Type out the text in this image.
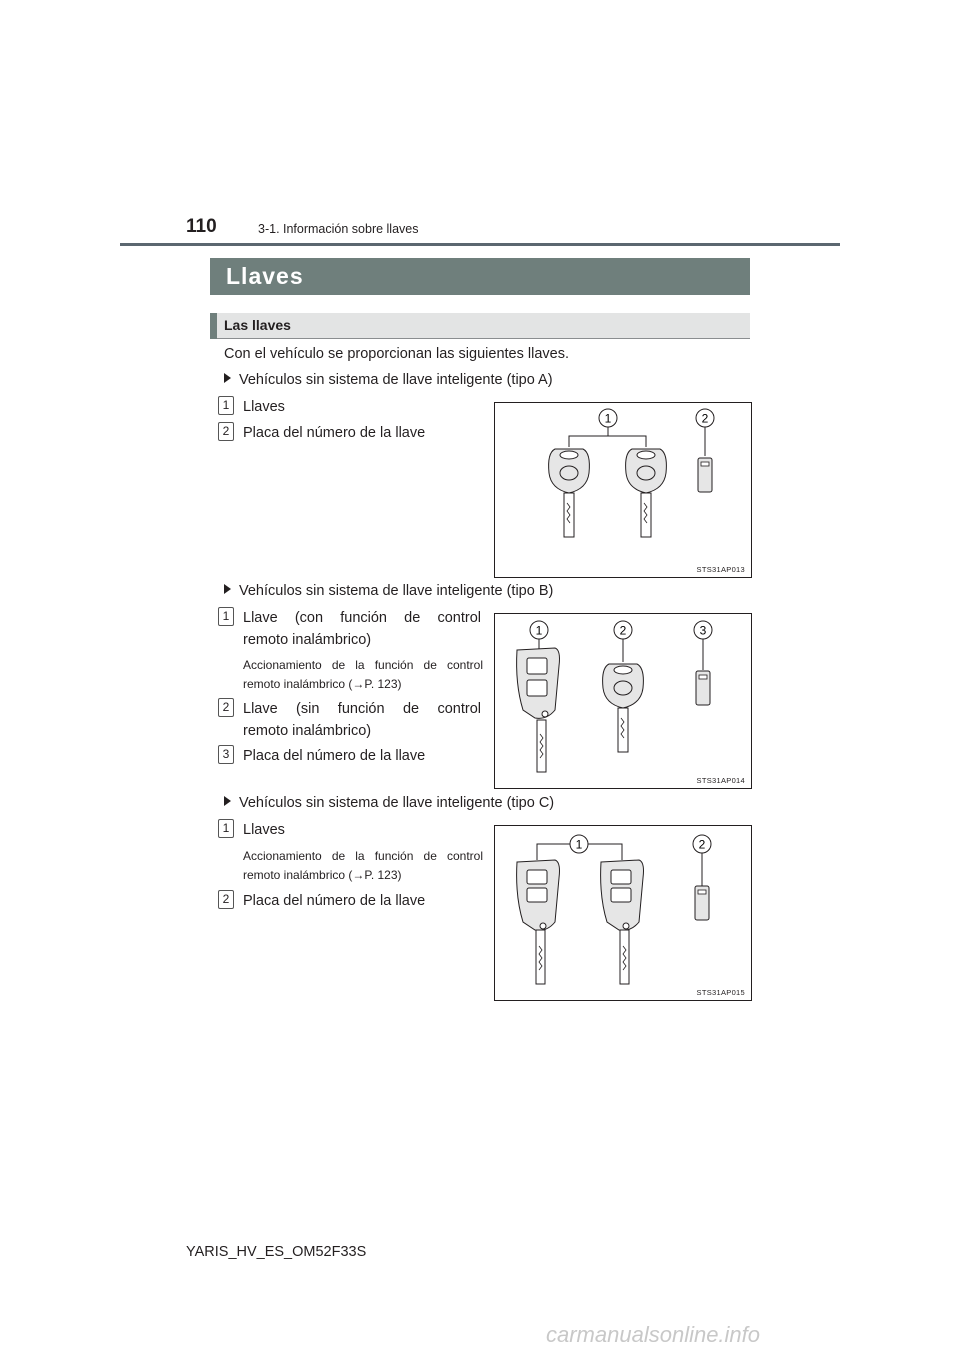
110	3-1. Información sobre llaves
Llaves
Las llaves
Con el vehículo se proporcionan las siguientes llaves.
Vehículos sin sistema de llave inteligente (tipo A)
1 Llaves
2 Placa del número de la llave
1	2
STS31AP013
Vehículos sin sistema de llave inteligente (tipo B)
1 Llave (con función de control
remoto inalámbrico)
Accionamiento de la función de control
remoto inalámbrico (→P. 123)
2 Llave (sin función de control
remoto inalámbrico)
3 Placa del número de la llave
1	2	3
STS31AP014
Vehículos sin sistema de llave inteligente (tipo C)
1 Llaves
Accionamiento de la función de control
remoto inalámbrico (→P. 123)
2 Placa del número de la llave
1	2
STS31AP015
YARIS_HV_ES_OM52F33S
carmanualsonline.info
